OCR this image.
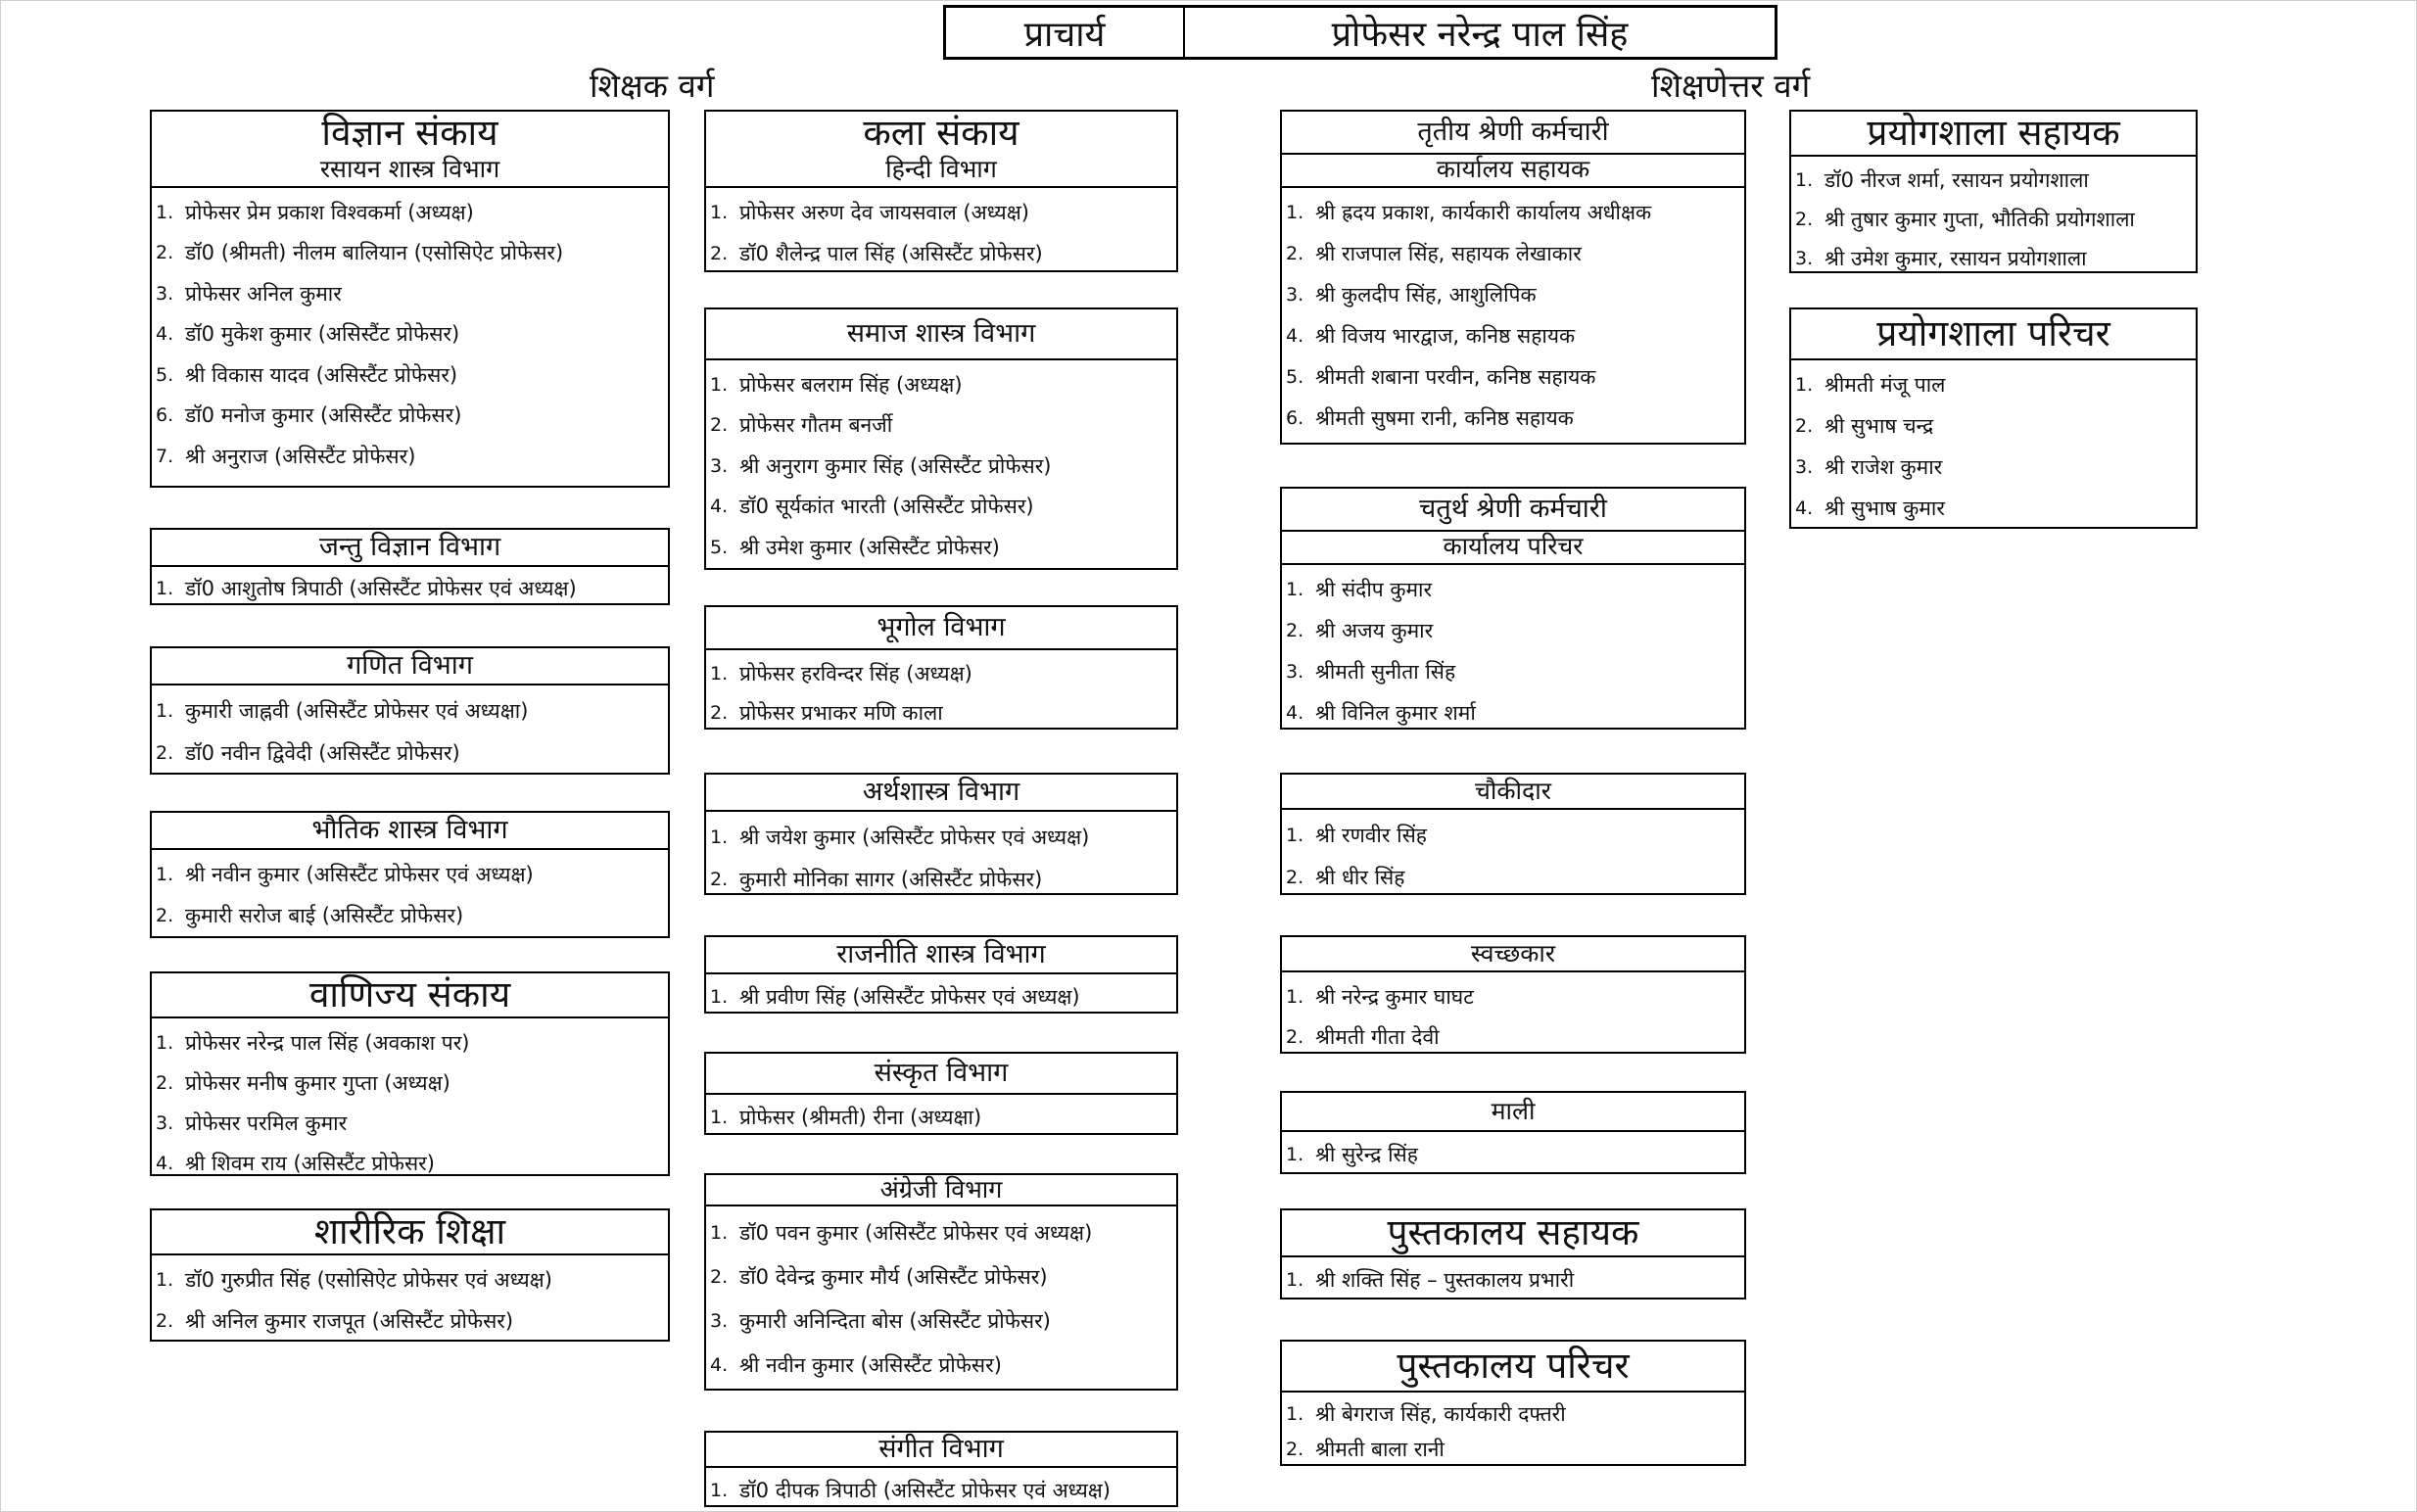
प्राचार्य	प्रोफेसर नरेन्द्र पाल सिंह
शिक्षक वर्ग	शिक्षणेत्तर वर्ग
विज्ञान संकाय
रसायन शास्त्र विभाग
1. प्रोफेसर प्रेम प्रकाश विश्वकर्मा (अध्यक्ष)
2. डॉ0 (श्रीमती) नीलम बालियान (एसोसिऐट प्रोफेसर)
3. प्रोफेसर अनिल कुमार
4. डॉ0 मुकेश कुमार (असिस्टैंट प्रोफेसर)
5. श्री विकास यादव (असिस्टैंट प्रोफेसर)
6. डॉ0 मनोज कुमार (असिस्टैंट प्रोफेसर)
7. श्री अनुराज (असिस्टैंट प्रोफेसर)
जन्तु विज्ञान विभाग
1. डॉ0 आशुतोष त्रिपाठी (असिस्टैंट प्रोफेसर एवं अध्यक्ष)
गणित विभाग
1. कुमारी जाह्नवी (असिस्टैंट प्रोफेसर एवं अध्यक्षा)
2. डॉ0 नवीन द्विवेदी (असिस्टैंट प्रोफेसर)
भौतिक शास्त्र विभाग
1. श्री नवीन कुमार (असिस्टैंट प्रोफेसर एवं अध्यक्ष)
2. कुमारी सरोज बाई (असिस्टैंट प्रोफेसर)
वाणिज्य संकाय
1. प्रोफेसर नरेन्द्र पाल सिंह (अवकाश पर)
2. प्रोफेसर मनीष कुमार गुप्ता (अध्यक्ष)
3. प्रोफेसर परमिल कुमार
4. श्री शिवम राय (असिस्टैंट प्रोफेसर)
शारीरिक शिक्षा
1. डॉ0 गुरुप्रीत सिंह (एसोसिऐट प्रोफेसर एवं अध्यक्ष)
2. श्री अनिल कुमार राजपूत (असिस्टैंट प्रोफेसर)
कला संकाय
हिन्दी विभाग
1. प्रोफेसर अरुण देव जायसवाल (अध्यक्ष)
2. डॉ0 शैलेन्द्र पाल सिंह (असिस्टैंट प्रोफेसर)
समाज शास्त्र विभाग
1. प्रोफेसर बलराम सिंह (अध्यक्ष)
2. प्रोफेसर गौतम बनर्जी
3. श्री अनुराग कुमार सिंह (असिस्टैंट प्रोफेसर)
4. डॉ0 सूर्यकांत भारती (असिस्टैंट प्रोफेसर)
5. श्री उमेश कुमार (असिस्टैंट प्रोफेसर)
भूगोल विभाग
1. प्रोफेसर हरविन्दर सिंह (अध्यक्ष)
2. प्रोफेसर प्रभाकर मणि काला
अर्थशास्त्र विभाग
1. श्री जयेश कुमार (असिस्टैंट प्रोफेसर एवं अध्यक्ष)
2. कुमारी मोनिका सागर (असिस्टैंट प्रोफेसर)
राजनीति शास्त्र विभाग
1. श्री प्रवीण सिंह (असिस्टैंट प्रोफेसर एवं अध्यक्ष)
संस्कृत विभाग
1. प्रोफेसर (श्रीमती) रीना (अध्यक्षा)
अंग्रेजी विभाग
1. डॉ0 पवन कुमार (असिस्टैंट प्रोफेसर एवं अध्यक्ष)
2. डॉ0 देवेन्द्र कुमार मौर्य (असिस्टैंट प्रोफेसर)
3. कुमारी अनिन्दिता बोस (असिस्टैंट प्रोफेसर)
4. श्री नवीन कुमार (असिस्टैंट प्रोफेसर)
संगीत विभाग
1. डॉ0 दीपक त्रिपाठी (असिस्टैंट प्रोफेसर एवं अध्यक्ष)
तृतीय श्रेणी कर्मचारी
कार्यालय सहायक
1. श्री ह्रदय प्रकाश, कार्यकारी कार्यालय अधीक्षक
2. श्री राजपाल सिंह, सहायक लेखाकार
3. श्री कुलदीप सिंह, आशुलिपिक
4. श्री विजय भारद्वाज, कनिष्ठ सहायक
5. श्रीमती शबाना परवीन, कनिष्ठ सहायक
6. श्रीमती सुषमा रानी, कनिष्ठ सहायक
चतुर्थ श्रेणी कर्मचारी
कार्यालय परिचर
1. श्री संदीप कुमार
2. श्री अजय कुमार
3. श्रीमती सुनीता सिंह
4. श्री विनिल कुमार शर्मा
चौकीदार
1. श्री रणवीर सिंह
2. श्री धीर सिंह
स्वच्छकार
1. श्री नरेन्द्र कुमार घाघट
2. श्रीमती गीता देवी
माली
1. श्री सुरेन्द्र सिंह
पुस्तकालय सहायक
1. श्री शक्ति सिंह – पुस्तकालय प्रभारी
पुस्तकालय परिचर
1. श्री बेगराज सिंह, कार्यकारी दफ्तरी
2. श्रीमती बाला रानी
प्रयोगशाला सहायक
1. डॉ0 नीरज शर्मा, रसायन प्रयोगशाला
2. श्री तुषार कुमार गुप्ता, भौतिकी प्रयोगशाला
3. श्री उमेश कुमार, रसायन प्रयोगशाला
प्रयोगशाला परिचर
1. श्रीमती मंजू पाल
2. श्री सुभाष चन्द्र
3. श्री राजेश कुमार
4. श्री सुभाष कुमार
